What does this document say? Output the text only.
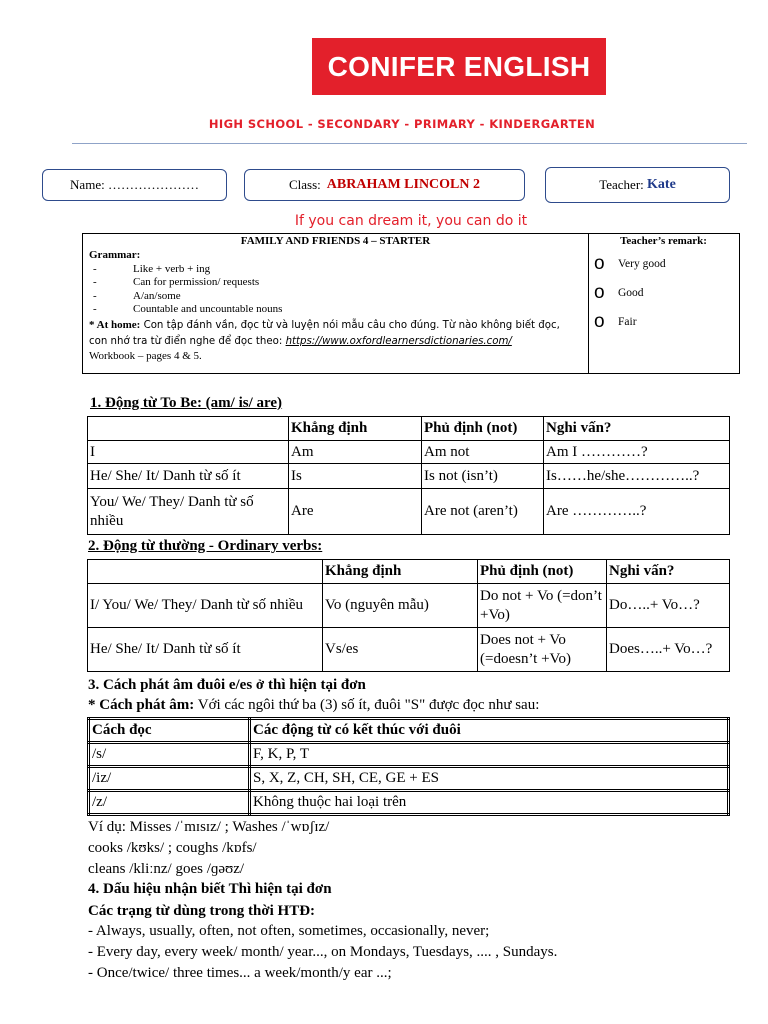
CONIFER ENGLISH
HIGH SCHOOL - SECONDARY - PRIMARY - KINDERGARTEN
Name: …………………	Class: ABRAHAM LINCOLN 2	Teacher:
Kate
If you can dream it, you can do it
FAMILY AND FRIENDS 4 – STARTER
Grammar:
- Like + verb + ing
- Can for permission/ requests
- A/an/some
- Countable and uncountable nouns
* At home: Con tập đánh vần, đọc từ và luyện nói mẫu câu cho đúng. Từ nào không biết đọc,
con nhớ tra từ điển nghe để đọc theo: https://www.oxfordlearnersdictionaries.com/
Workbook – pages 4 & 5.
Teacher’s remark:
o	Very good
o	Good
o	Fair
1. Động từ To Be: (am/ is/ are)
	Khẳng định	Phủ định (not)	Nghi vấn?
I	Am	Am not	Am I …………?
He/ She/ It/ Danh từ số ít	Is	Is not (isn’t)	Is……he/she…………..?
You/ We/ They/ Danh từ số nhiều	Are	Are not (aren’t)	Are …………..?
2. Động từ thường - Ordinary verbs:
	Khẳng định	Phủ định (not)	Nghi vấn?
I/ You/ We/ They/ Danh từ số nhiều	Vo (nguyên mẫu)	Do not + Vo (=don’t +Vo)	Do…..+ Vo…?
He/ She/ It/ Danh từ số ít	Vs/es	Does not + Vo (=doesn’t +Vo)	Does…..+ Vo…?
3. Cách phát âm đuôi e/es ở thì hiện tại đơn
* Cách phát âm: Với các ngôi thứ ba (3) số ít, đuôi "S" được đọc như sau:
Cách đọc	Các động từ có kết thúc với đuôi
/s/	F, K, P, T
/iz/	S, X, Z, CH, SH, CE, GE + ES
/z/	Không thuộc hai loại trên
Ví dụ: Misses /ˈmɪsɪz/ ; Washes /ˈwɒʃɪz/
cooks /kʊks/ ; coughs /kɒfs/
cleans /kliːnz/ goes /ɡəʊz/
4. Dấu hiệu nhận biết Thì hiện tại đơn
Các trạng từ dùng trong thời HTĐ:
- Always, usually, often, not often, sometimes, occasionally, never;
- Every day, every week/ month/ year..., on Mondays, Tuesdays, .... , Sundays.
- Once/twice/ three times... a week/month/y ear ...;
